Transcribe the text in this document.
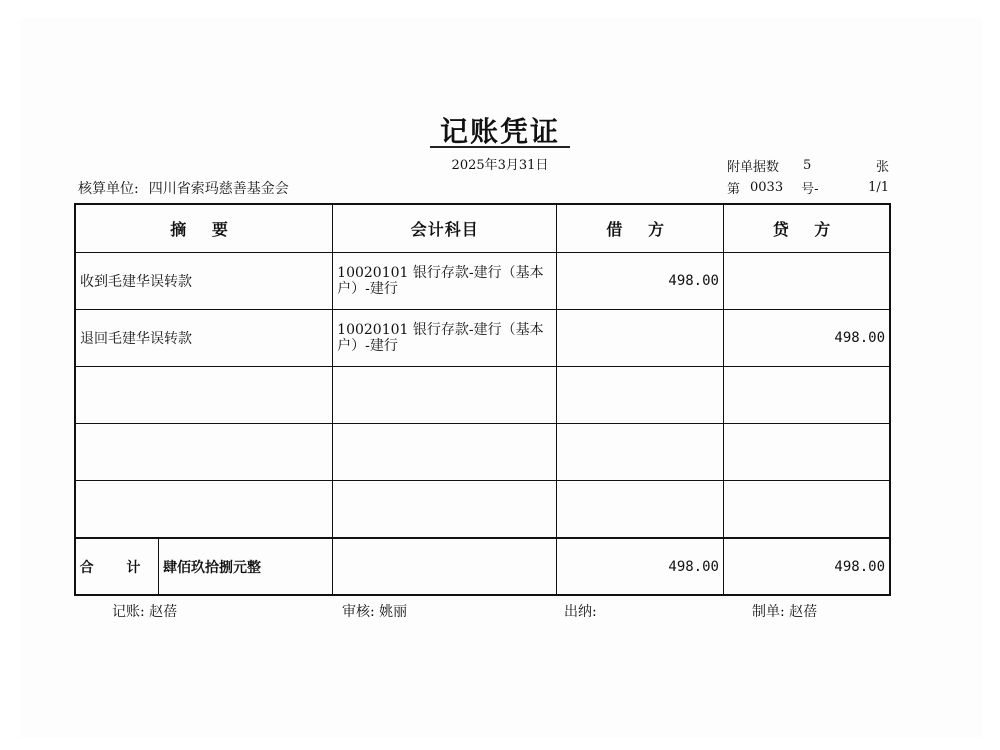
记账凭证
2025年3月31日
核算单位: 四川省索玛慈善基金会
附单据数 5	张
第 0033 号-	1/1
摘 要	会计科目	借 方	贷 方
收到毛建华误转款	10020101 银行存款-建行（基本户）-建行	498.00	
退回毛建华误转款	10020101 银行存款-建行（基本户）-建行		498.00

合 计 肆佰玖拾捌元整		498.00	498.00
记账: 赵蓓	审核: 姚丽	出纳:	制单: 赵蓓
